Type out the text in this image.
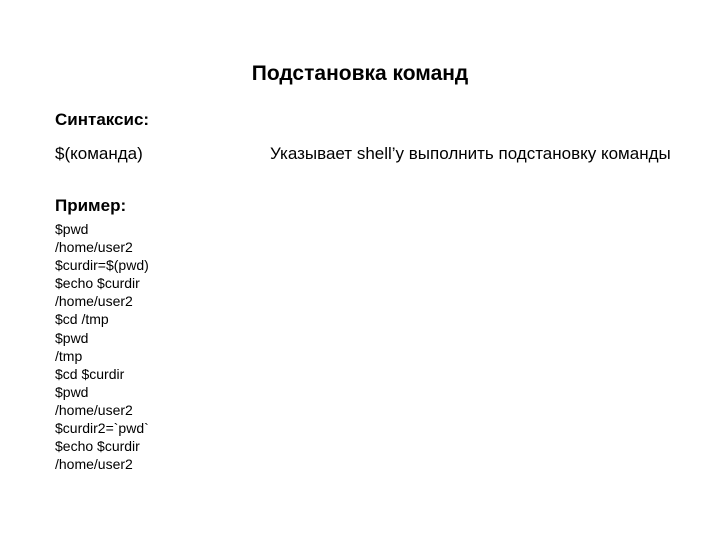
Подстановка команд
Синтаксис:
$(команда)	Указывает shell’у выполнить подстановку команды
Пример:
$pwd
/home/user2
$curdir=$(pwd)
$echo $curdir
/home/user2
$cd /tmp
$pwd
/tmp
$cd $curdir
$pwd
/home/user2
$curdir2=`pwd`
$echo $curdir
/home/user2
